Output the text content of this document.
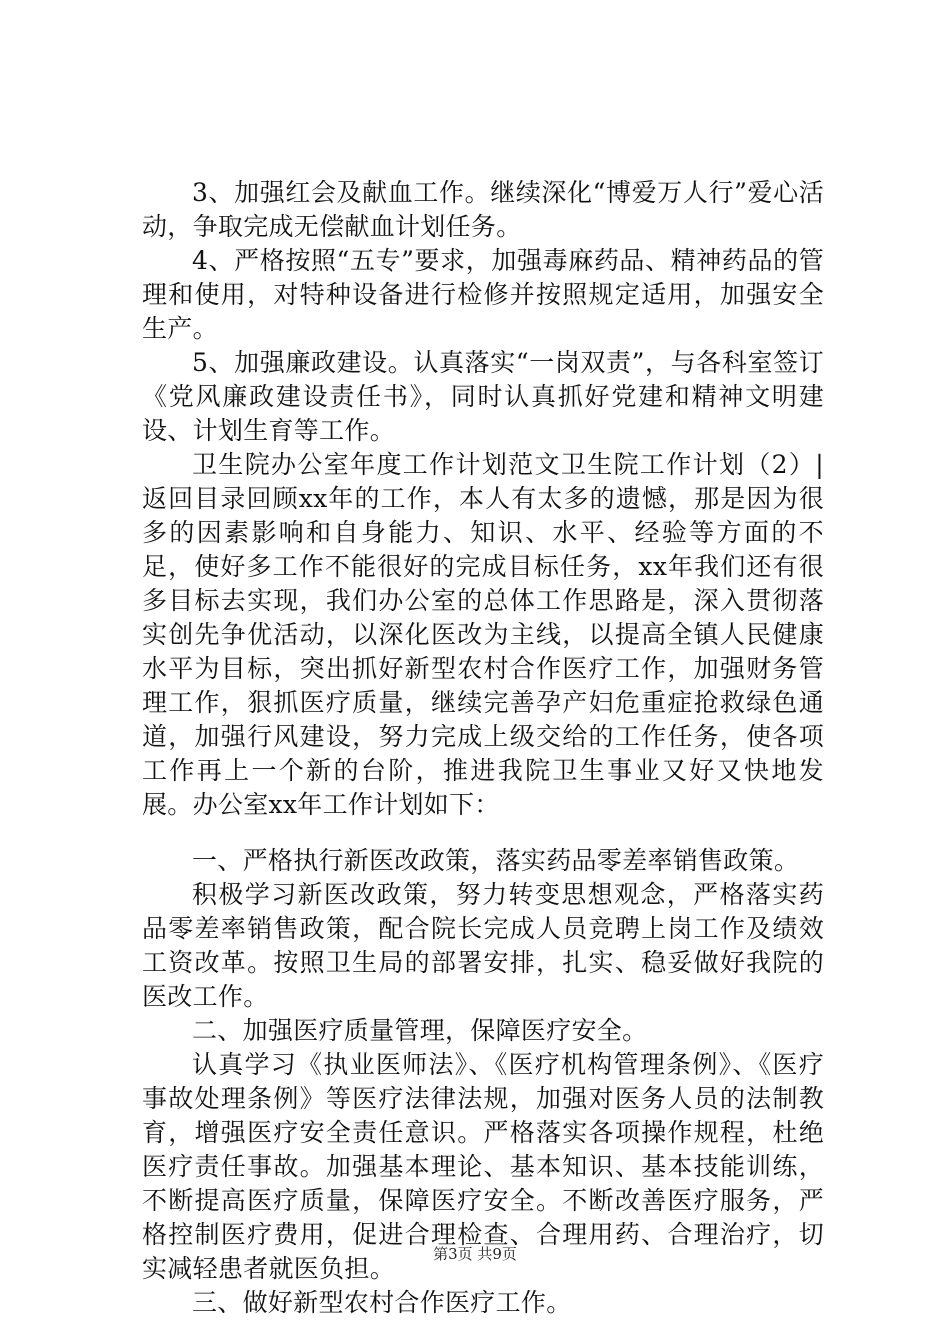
3、加强红会及献血工作。继续深化“博爱万人行”爱心活动，争取完成无偿献血计划任务。

4、严格按照“五专”要求，加强毒麻药品、精神药品的管理和使用，对特种设备进行检修并按照规定适用，加强安全生产。

5、加强廉政建设。认真落实“一岗双责”，与各科室签订《党风廉政建设责任书》，同时认真抓好党建和精神文明建设、计划生育等工作。

卫生院办公室年度工作计划范文卫生院工作计划（2）|返回目录回顾xx年的工作，本人有太多的遗憾，那是因为很多的因素影响和自身能力、知识、水平、经验等方面的不足，使好多工作不能很好的完成目标任务，xx年我们还有很多目标去实现，我们办公室的总体工作思路是，深入贯彻落实创先争优活动，以深化医改为主线，以提高全镇人民健康水平为目标，突出抓好新型农村合作医疗工作，加强财务管理工作，狠抓医疗质量，继续完善孕产妇危重症抢救绿色通道，加强行风建设，努力完成上级交给的工作任务，使各项工作再上一个新的台阶，推进我院卫生事业又好又快地发展。办公室xx年工作计划如下：

一、严格执行新医改政策，落实药品零差率销售政策。

积极学习新医改政策，努力转变思想观念，严格落实药品零差率销售政策，配合院长完成人员竞聘上岗工作及绩效工资改革。按照卫生局的部署安排，扎实、稳妥做好我院的医改工作。

二、加强医疗质量管理，保障医疗安全。

认真学习《执业医师法》、《医疗机构管理条例》、《医疗事故处理条例》等医疗法律法规，加强对医务人员的法制教育，增强医疗安全责任意识。严格落实各项操作规程，杜绝医疗责任事故。加强基本理论、基本知识、基本技能训练，不断提高医疗质量，保障医疗安全。不断改善医疗服务，严格控制医疗费用，促进合理检查、合理用药、合理治疗，切实减轻患者就医负担。

三、做好新型农村合作医疗工作。

第3页 共9页
